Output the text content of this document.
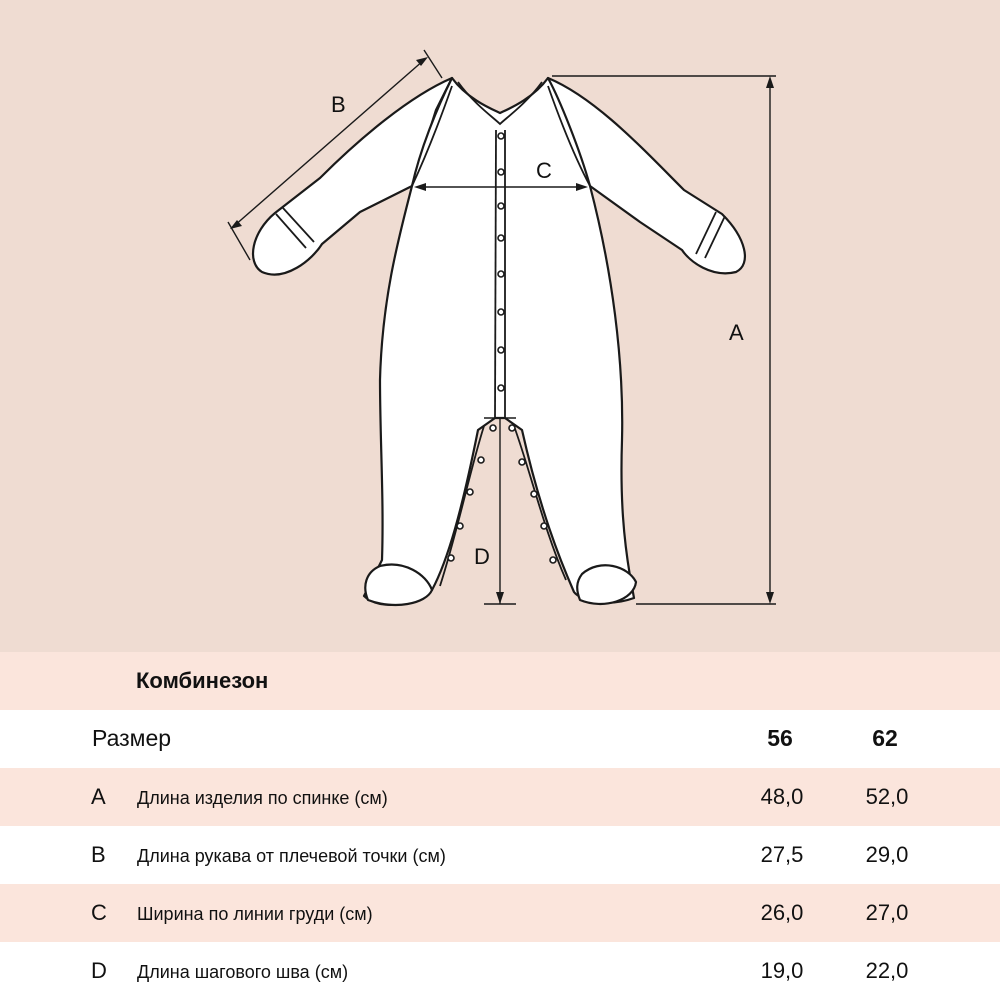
A
B
C
D
Комбинезон
Размер	56	62
A Длина изделия по спинке (см)	48,0	52,0
B Длина рукава от плечевой точки (см)	27,5	29,0
C Ширина по линии груди (см)	26,0	27,0
D Длина шагового шва (см)	19,0	22,0
